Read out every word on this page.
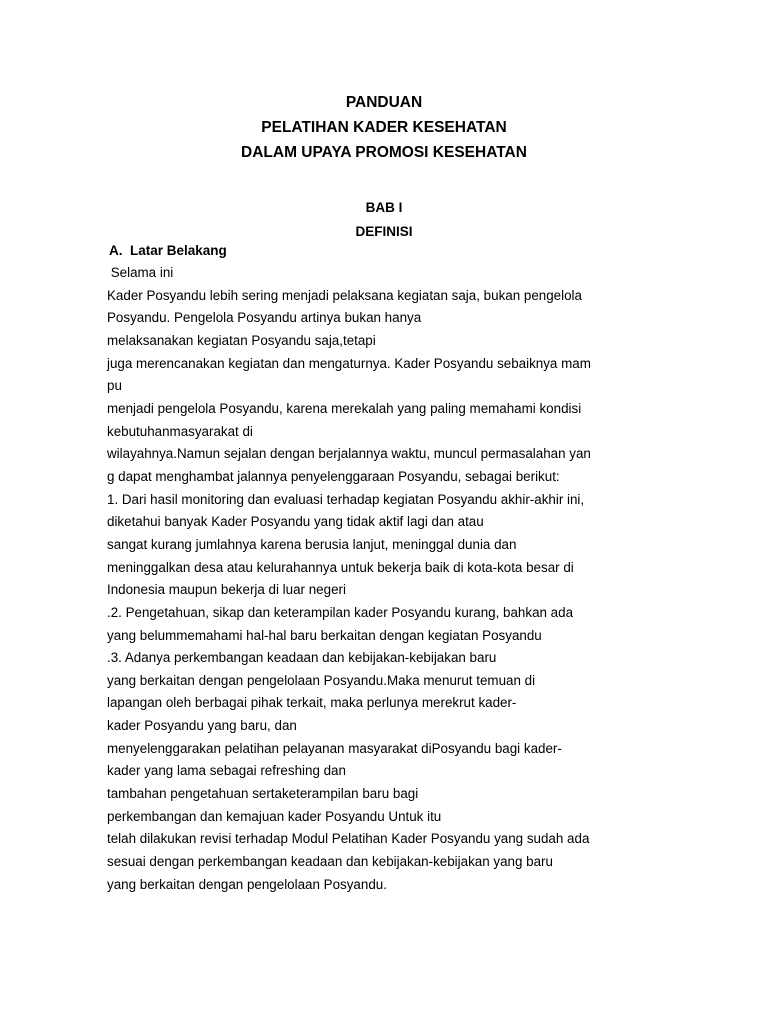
PANDUAN
PELATIHAN KADER KESEHATAN
DALAM UPAYA PROMOSI KESEHATAN
BAB I
DEFINISI
A.  Latar Belakang
Selama ini
Kader Posyandu lebih sering menjadi pelaksana kegiatan saja, bukan pengelola
Posyandu. Pengelola Posyandu artinya bukan hanya
melaksanakan kegiatan Posyandu saja,tetapi
juga merencanakan kegiatan dan mengaturnya. Kader Posyandu sebaiknya mam
pu
menjadi pengelola Posyandu, karena merekalah yang paling memahami kondisi
kebutuhanmasyarakat di
wilayahnya.Namun sejalan dengan berjalannya waktu, muncul permasalahan yan
g dapat menghambat jalannya penyelenggaraan Posyandu, sebagai berikut:
1. Dari hasil monitoring dan evaluasi terhadap kegiatan Posyandu akhir-akhir ini,
diketahui banyak Kader Posyandu yang tidak aktif lagi dan atau
sangat kurang jumlahnya karena berusia lanjut, meninggal dunia dan
meninggalkan desa atau kelurahannya untuk bekerja baik di kota-kota besar di
Indonesia maupun bekerja di luar negeri
.2. Pengetahuan, sikap dan keterampilan kader Posyandu kurang, bahkan ada
yang belummemahami hal-hal baru berkaitan dengan kegiatan Posyandu
.3. Adanya perkembangan keadaan dan kebijakan-kebijakan baru
yang berkaitan dengan pengelolaan Posyandu.Maka menurut temuan di
lapangan oleh berbagai pihak terkait, maka perlunya merekrut kader-
kader Posyandu yang baru, dan
menyelenggarakan pelatihan pelayanan masyarakat diPosyandu bagi kader-
kader yang lama sebagai refreshing dan
tambahan pengetahuan sertaketerampilan baru bagi
perkembangan dan kemajuan kader Posyandu Untuk itu
telah dilakukan revisi terhadap Modul Pelatihan Kader Posyandu yang sudah ada
sesuai dengan perkembangan keadaan dan kebijakan-kebijakan yang baru
yang berkaitan dengan pengelolaan Posyandu.
